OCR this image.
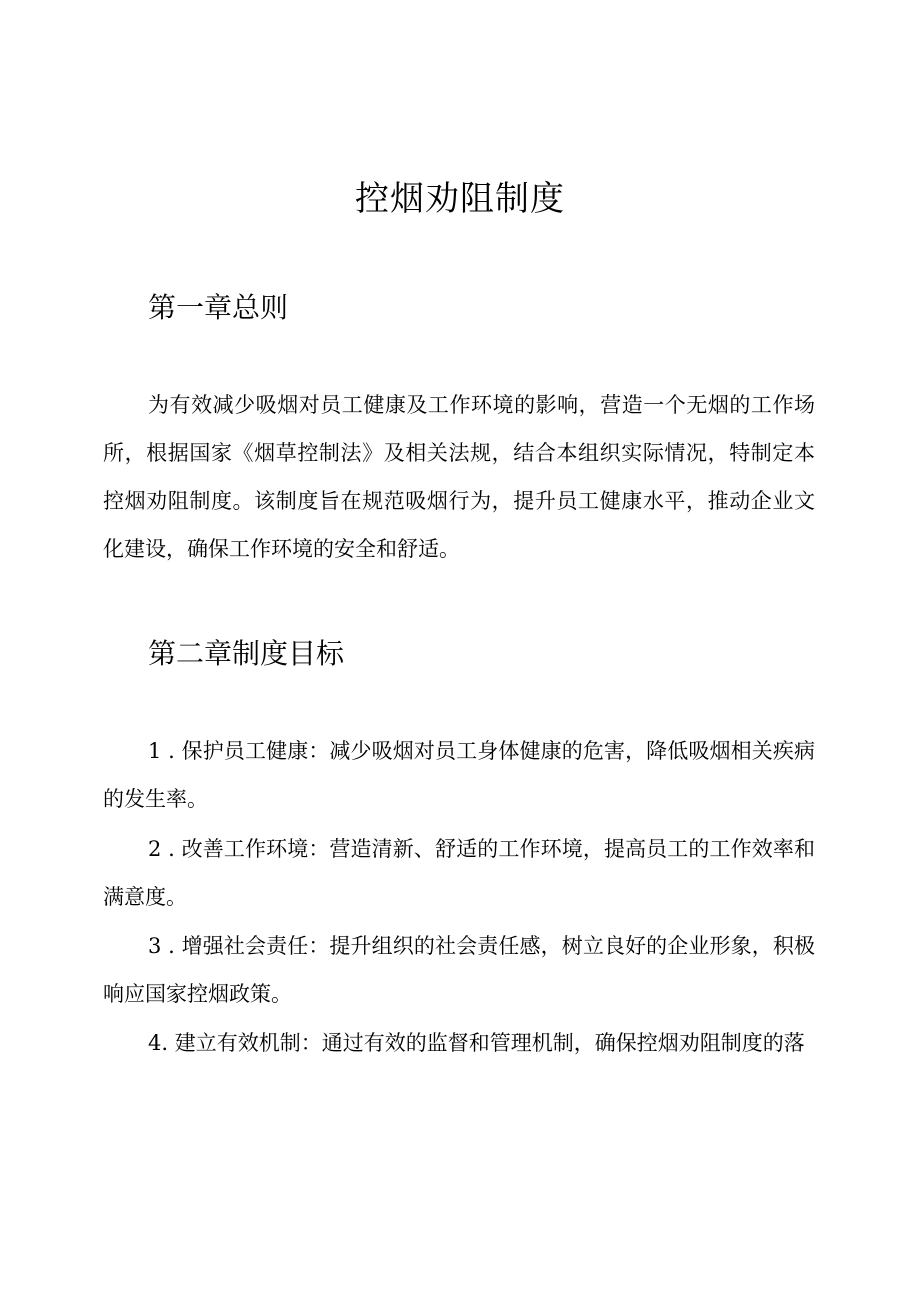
控烟劝阻制度
第一章总则

为有效减少吸烟对员工健康及工作环境的影响，营造一个无烟的工作场所，根据国家《烟草控制法》及相关法规，结合本组织实际情况，特制定本控烟劝阻制度。该制度旨在规范吸烟行为，提升员工健康水平，推动企业文化建设，确保工作环境的安全和舒适。

第二章制度目标

1 . 保护员工健康：减少吸烟对员工身体健康的危害，降低吸烟相关疾病的发生率。

2 . 改善工作环境：营造清新、舒适的工作环境，提高员工的工作效率和满意度。

3 . 增强社会责任：提升组织的社会责任感，树立良好的企业形象，积极响应国家控烟政策。

4. 建立有效机制：通过有效的监督和管理机制，确保控烟劝阻制度的落
